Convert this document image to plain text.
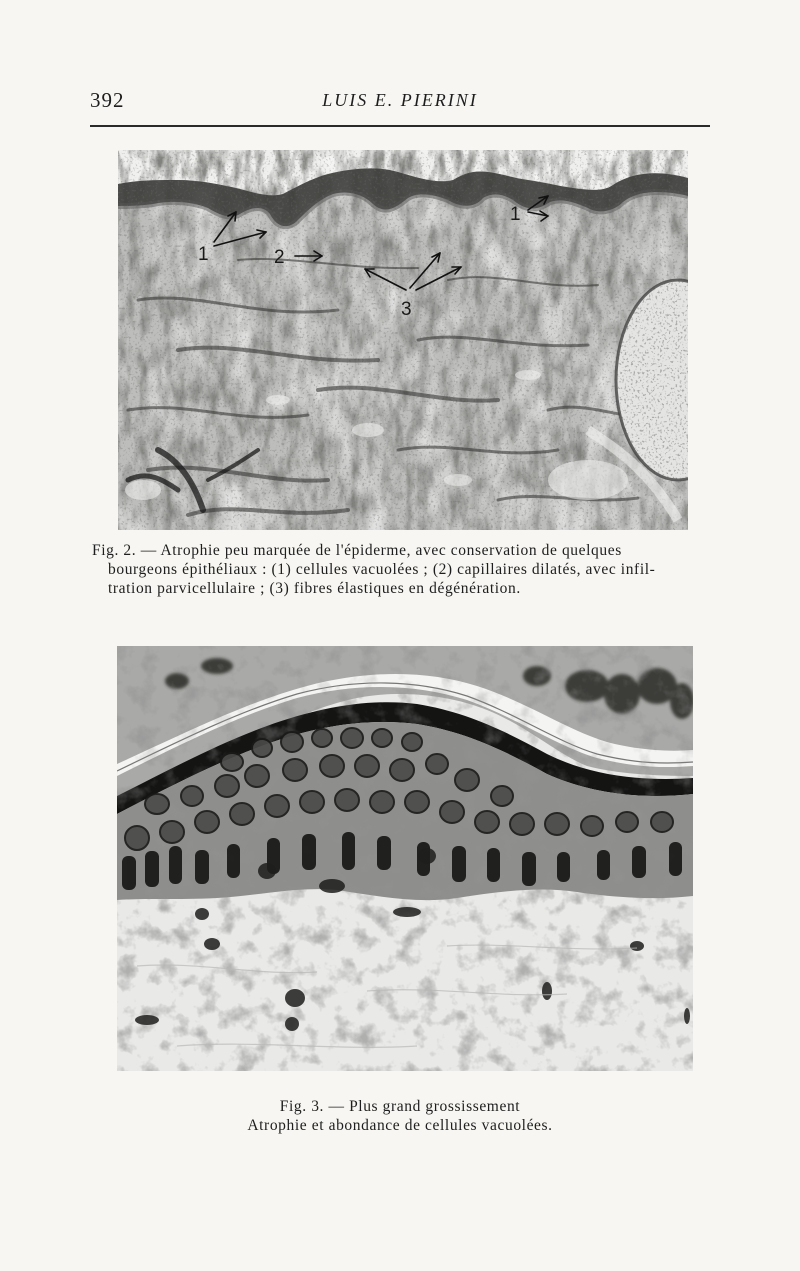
392	LUIS E. PIERINI
1	2
3
1
Fig. 2. — Atrophie peu marquée de l'épiderme, avec conservation de quelques
bourgeons épithéliaux : (1) cellules vacuolées ; (2) capillaires dilatés, avec infil-
tration parvicellulaire ; (3) fibres élastiques en dégénération.
Fig. 3. — Plus grand grossissement
Atrophie et abondance de cellules vacuolées.
